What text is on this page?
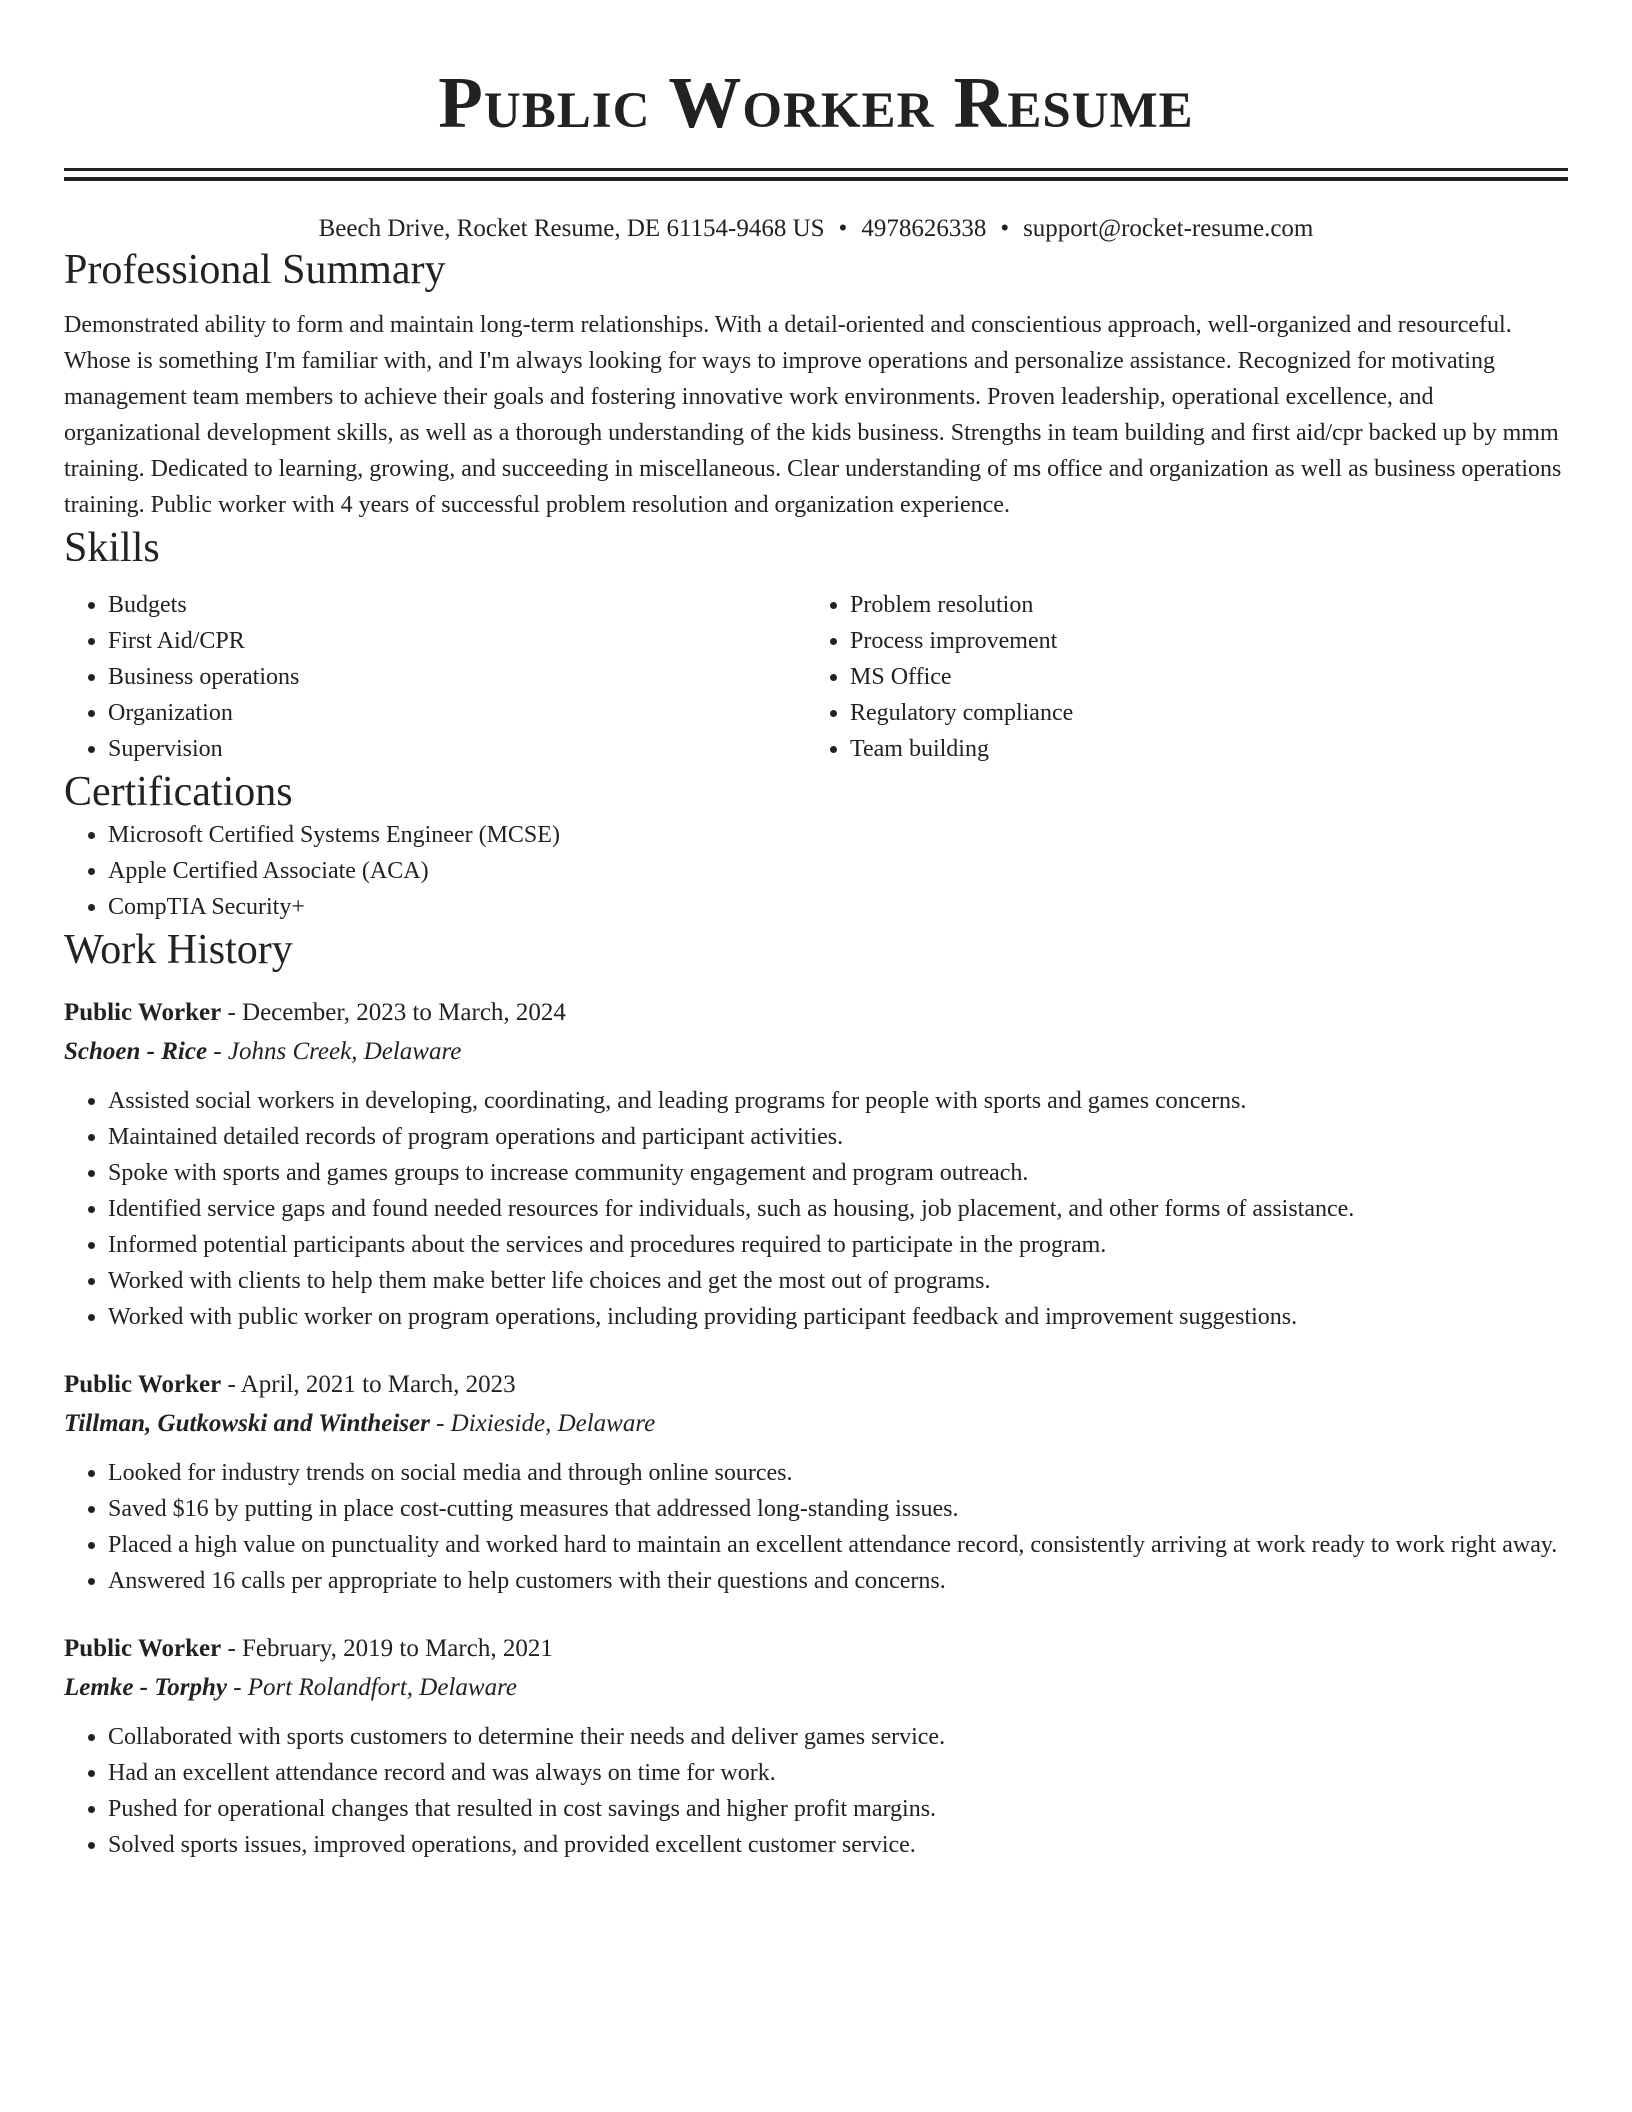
Public Worker Resume
Beech Drive, Rocket Resume, DE 61154-9468 US • 4978626338 • support@rocket-resume.com
Professional Summary

Demonstrated ability to form and maintain long-term relationships. With a detail-oriented and conscientious approach, well-organized and resourceful. Whose is something I'm familiar with, and I'm always looking for ways to improve operations and personalize assistance. Recognized for motivating management team members to achieve their goals and fostering innovative work environments. Proven leadership, operational excellence, and organizational development skills, as well as a thorough understanding of the kids business. Strengths in team building and first aid/cpr backed up by mmm training. Dedicated to learning, growing, and succeeding in miscellaneous. Clear understanding of ms office and organization as well as business operations training. Public worker with 4 years of successful problem resolution and organization experience.

Skills
• Budgets
• First Aid/CPR
• Business operations
• Organization
• Supervision
• Problem resolution
• Process improvement
• MS Office
• Regulatory compliance
• Team building
Certifications
• Microsoft Certified Systems Engineer (MCSE)
• Apple Certified Associate (ACA)
• CompTIA Security+
Work History
Public Worker - December, 2023 to March, 2024
Schoen - Rice - Johns Creek, Delaware
• Assisted social workers in developing, coordinating, and leading programs for people with sports and games concerns.
• Maintained detailed records of program operations and participant activities.
• Spoke with sports and games groups to increase community engagement and program outreach.
• Identified service gaps and found needed resources for individuals, such as housing, job placement, and other forms of assistance.
• Informed potential participants about the services and procedures required to participate in the program.
• Worked with clients to help them make better life choices and get the most out of programs.
• Worked with public worker on program operations, including providing participant feedback and improvement suggestions.
Public Worker - April, 2021 to March, 2023
Tillman, Gutkowski and Wintheiser - Dixieside, Delaware
• Looked for industry trends on social media and through online sources.
• Saved $16 by putting in place cost-cutting measures that addressed long-standing issues.
• Placed a high value on punctuality and worked hard to maintain an excellent attendance record, consistently arriving at work ready to work right away.
• Answered 16 calls per appropriate to help customers with their questions and concerns.
Public Worker - February, 2019 to March, 2021
Lemke - Torphy - Port Rolandfort, Delaware
• Collaborated with sports customers to determine their needs and deliver games service.
• Had an excellent attendance record and was always on time for work.
• Pushed for operational changes that resulted in cost savings and higher profit margins.
• Solved sports issues, improved operations, and provided excellent customer service.
